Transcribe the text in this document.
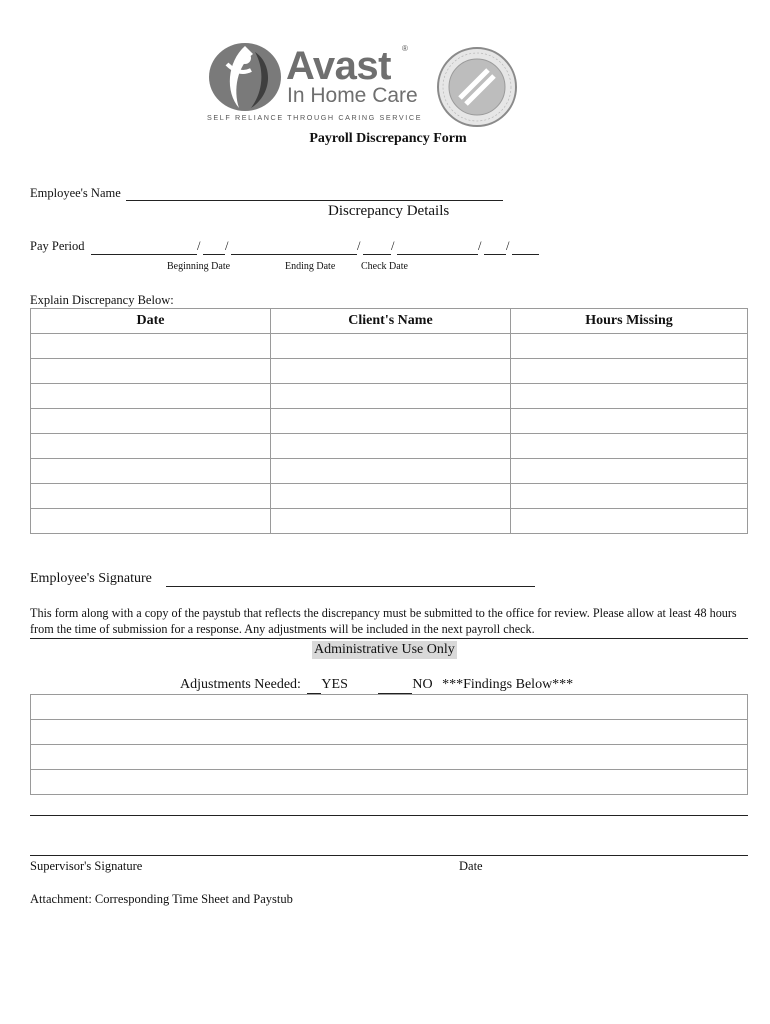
Avast ®
In Home Care
SELF RELIANCE THROUGH CARING SERVICE
Payroll Discrepancy Form
Employee's Name
Discrepancy Details
Pay Period	/ /	/ /	/ /
Beginning Date	Ending Date	Check Date
Explain Discrepancy Below:
Date	Client's Name	Hours Missing

Employee's Signature
This form along with a copy of the paystub that reflects the discrepancy must be submitted to the office for review. Please allow at least 48 hours from the time of submission for a response. Any adjustments will be included in the next payroll check.
Administrative Use Only
Adjustments Needed: YES	NO ***Findings Below***

Supervisor's Signature	Date
Attachment: Corresponding Time Sheet and Paystub
